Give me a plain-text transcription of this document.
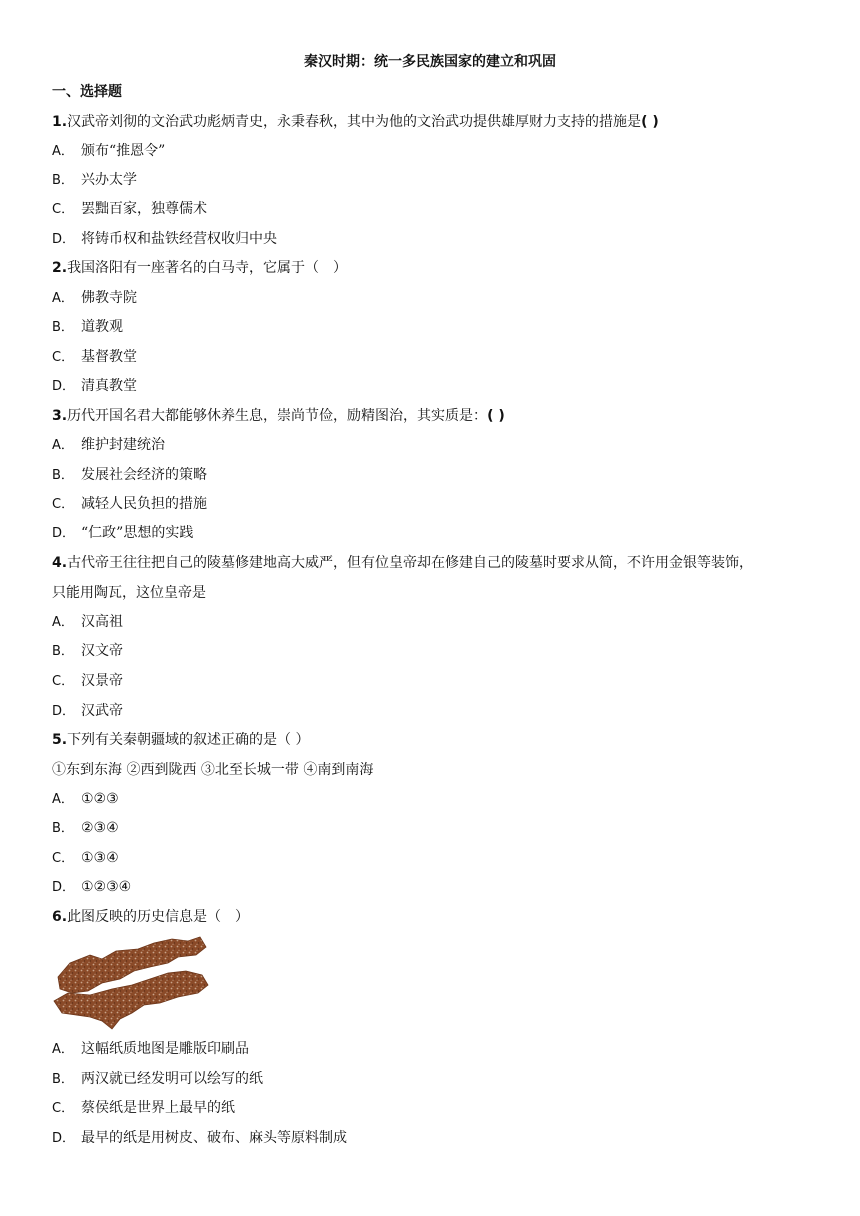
秦汉时期：统一多民族国家的建立和巩固
一、选择题
1.汉武帝刘彻的文治武功彪炳青史，永秉春秋，其中为他的文治武功提供雄厚财力支持的措施是( )
A． 颁布“推恩令”
B． 兴办太学
C． 罢黜百家，独尊儒术
D． 将铸币权和盐铁经营权收归中央
2.我国洛阳有一座著名的白马寺，它属于（　）
A． 佛教寺院
B． 道教观
C． 基督教堂
D． 清真教堂
3.历代开国名君大都能够休养生息，崇尚节俭，励精图治，其实质是：( )
A． 维护封建统治
B． 发展社会经济的策略
C． 减轻人民负担的措施
D． “仁政”思想的实践
4.古代帝王往往把自己的陵墓修建地高大威严，但有位皇帝却在修建自己的陵墓时要求从简，不许用金银等装饰，
只能用陶瓦，这位皇帝是
A． 汉高祖
B． 汉文帝
C． 汉景帝
D． 汉武帝
5.下列有关秦朝疆域的叙述正确的是（ ）
①东到东海 ②西到陇西 ③北至长城一带 ④南到南海
A． ①②③
B． ②③④
C． ①③④
D． ①②③④
6.此图反映的历史信息是（　）
A． 这幅纸质地图是雕版印刷品
B． 两汉就已经发明可以绘写的纸
C． 蔡侯纸是世界上最早的纸
D． 最早的纸是用树皮、破布、麻头等原料制成
